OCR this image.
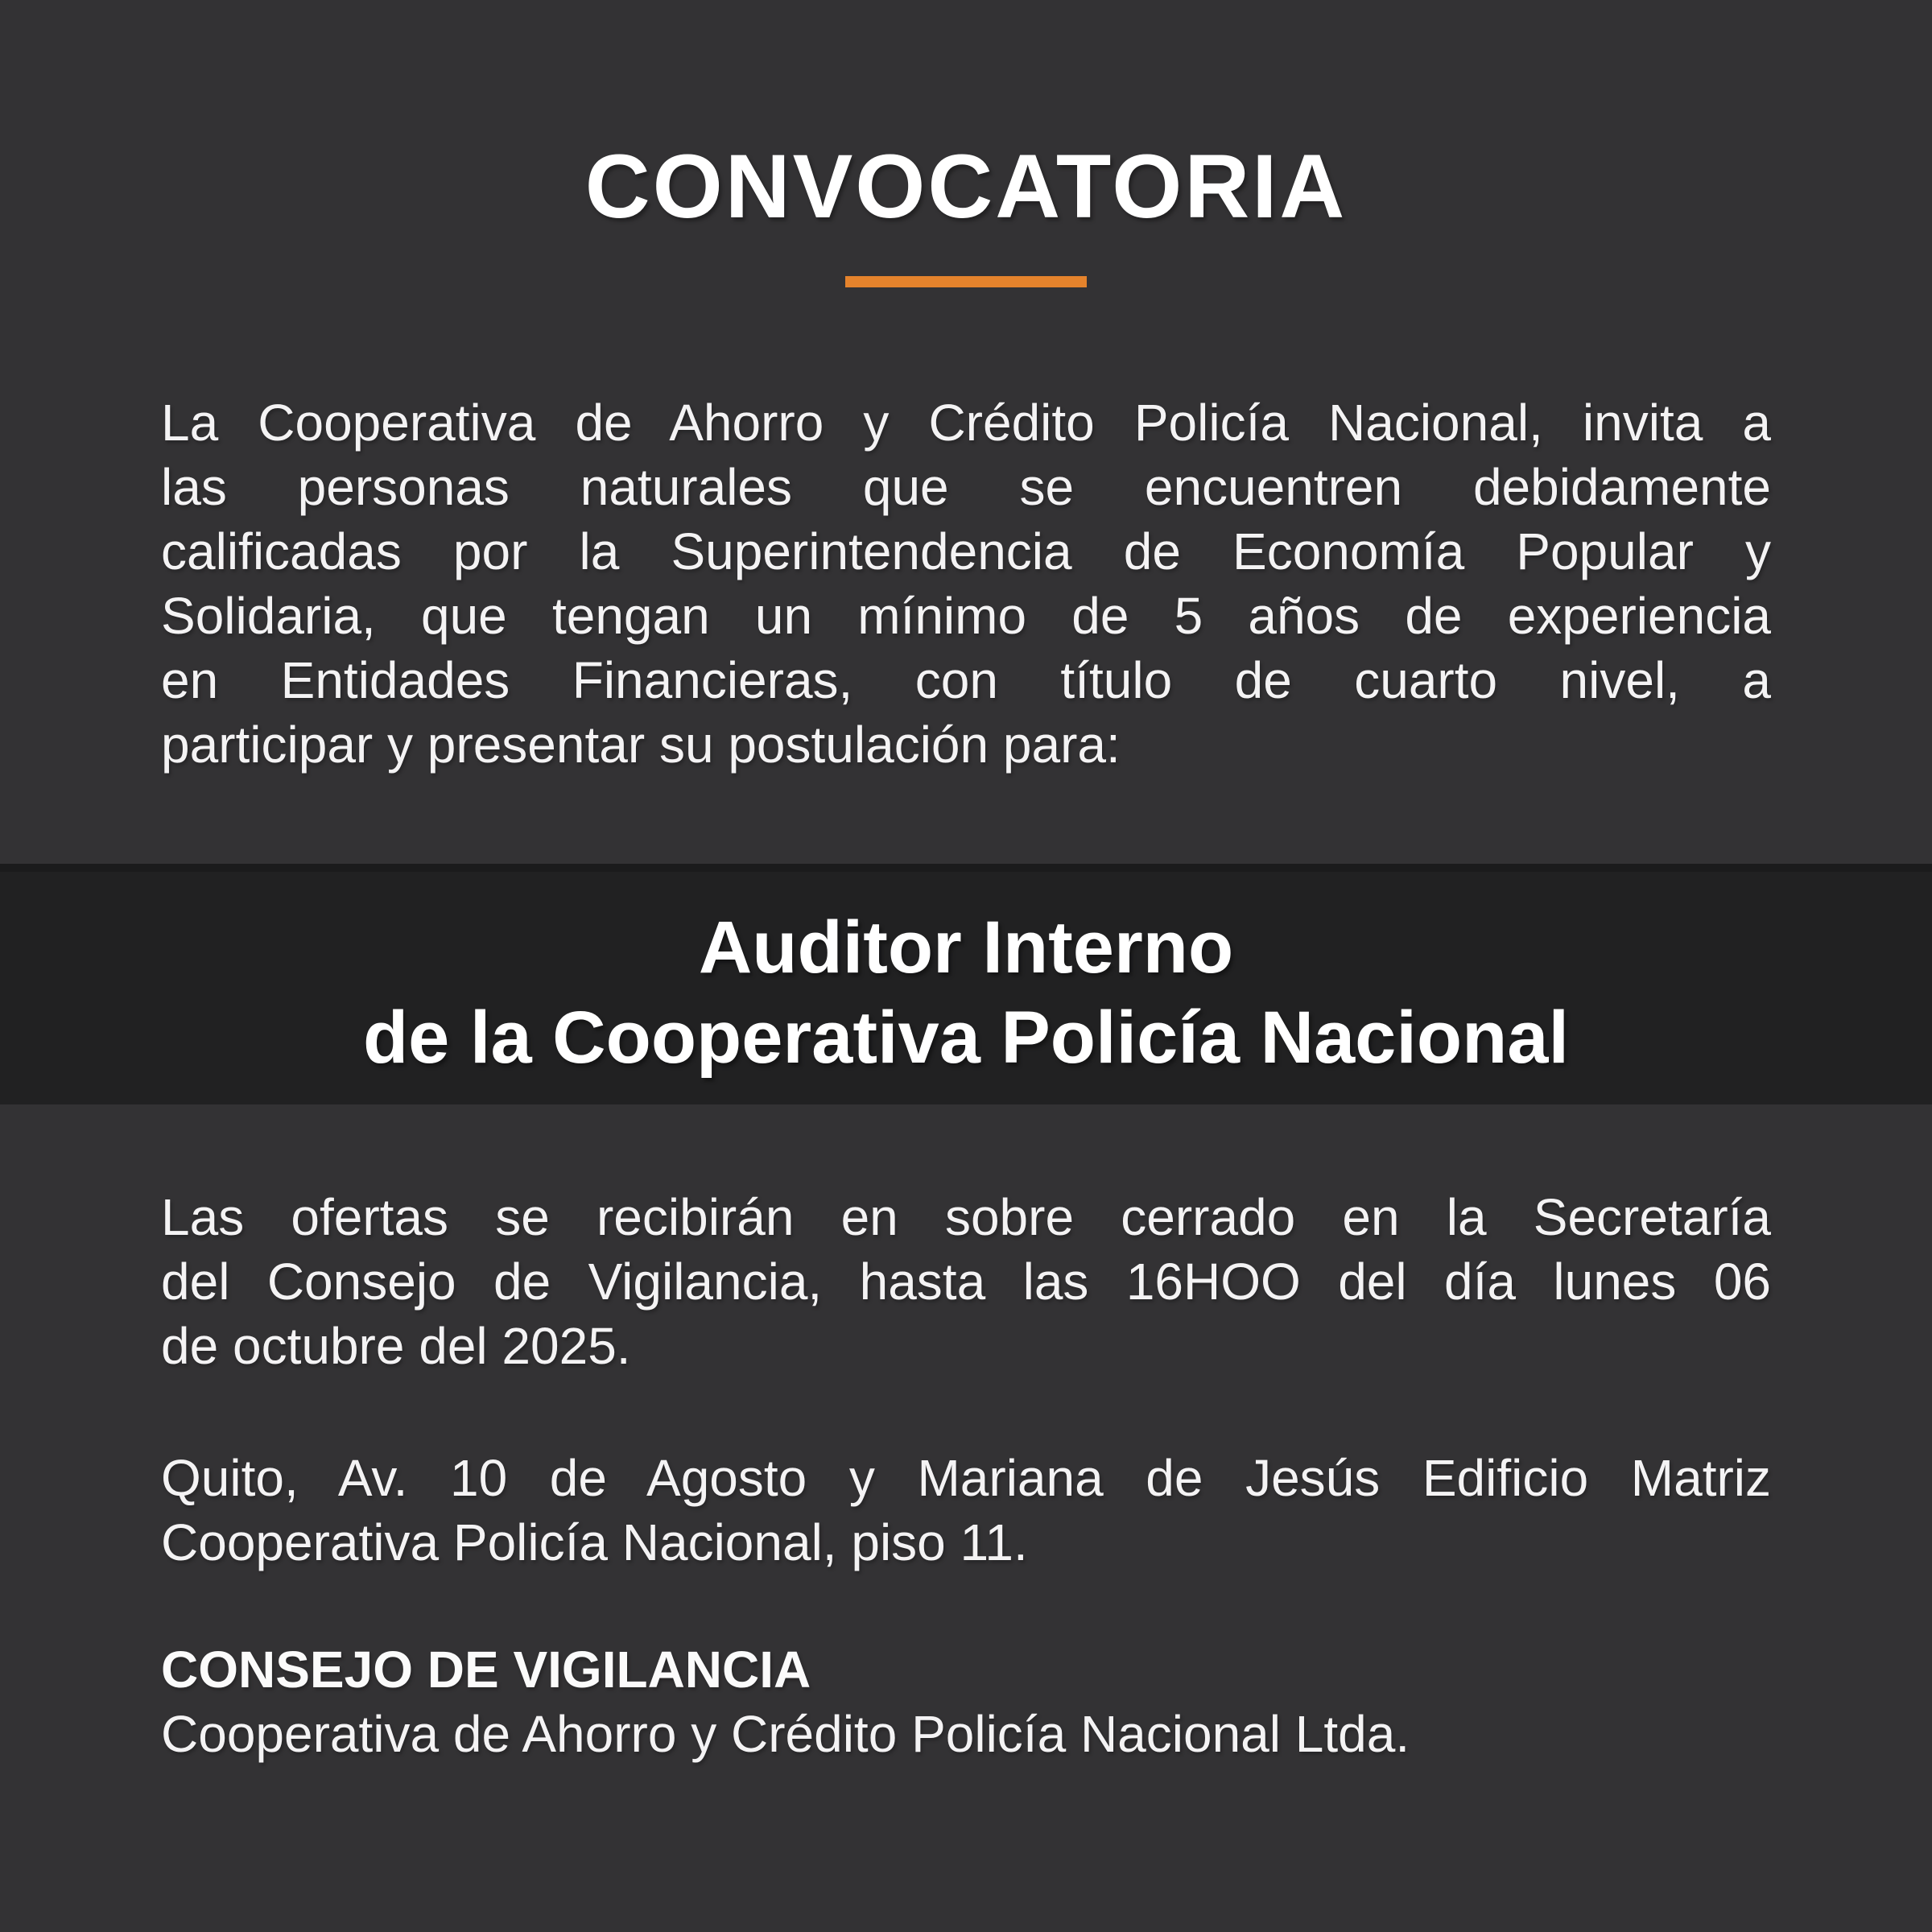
CONVOCATORIA
La Cooperativa de Ahorro y Crédito Policía Nacional, invita a
las personas naturales que se encuentren debidamente
calificadas por la Superintendencia de Economía Popular y
Solidaria, que tengan un mínimo de 5 años de experiencia
en Entidades Financieras, con título de cuarto nivel, a
participar y presentar su postulación para:
Auditor Interno
de la Cooperativa Policía Nacional
Las ofertas se recibirán en sobre cerrado en la Secretaría
del Consejo de Vigilancia, hasta las 16HOO del día lunes 06
de octubre del 2025.
Quito, Av. 10 de Agosto y Mariana de Jesús Edificio Matriz
Cooperativa Policía Nacional, piso 11.
CONSEJO DE VIGILANCIA
Cooperativa de Ahorro y Crédito Policía Nacional Ltda.
